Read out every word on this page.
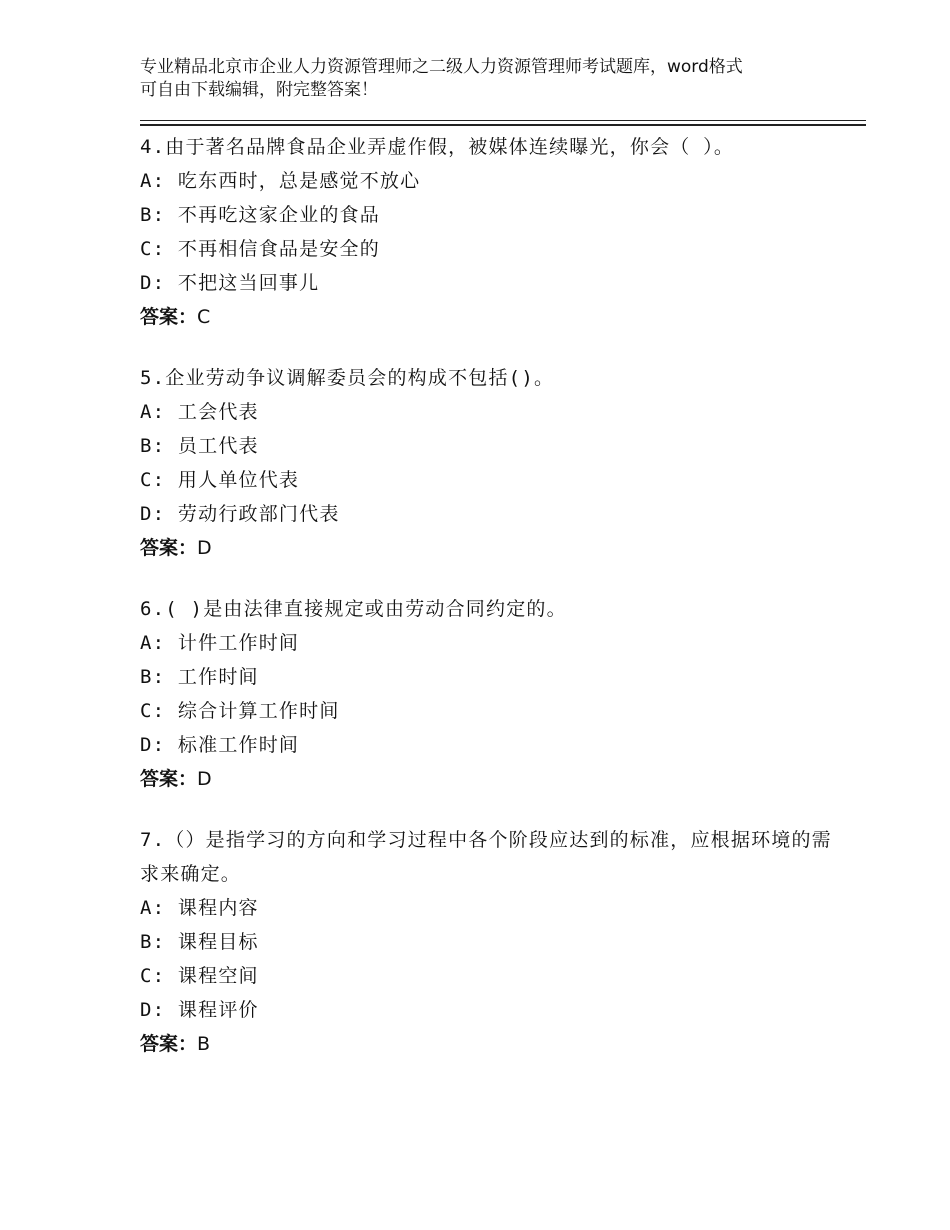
专业精品北京市企业人力资源管理师之二级人力资源管理师考试题库，word格式
可自由下载编辑，附完整答案！

4.由于著名品牌食品企业弄虚作假，被媒体连续曝光，你会（ ）。

A: 吃东西时，总是感觉不放心
B: 不再吃这家企业的食品
C: 不再相信食品是安全的
D: 不把这当回事儿
答案：C

5.企业劳动争议调解委员会的构成不包括()。

A: 工会代表
B: 员工代表
C: 用人单位代表
D: 劳动行政部门代表
答案：D

6.( )是由法律直接规定或由劳动合同约定的。

A: 计件工作时间
B: 工作时间
C: 综合计算工作时间
D: 标准工作时间
答案：D

7.（）是指学习的方向和学习过程中各个阶段应达到的标准，应根据环境的需求来确定。

A: 课程内容
B: 课程目标
C: 课程空间
D: 课程评价
答案：B
